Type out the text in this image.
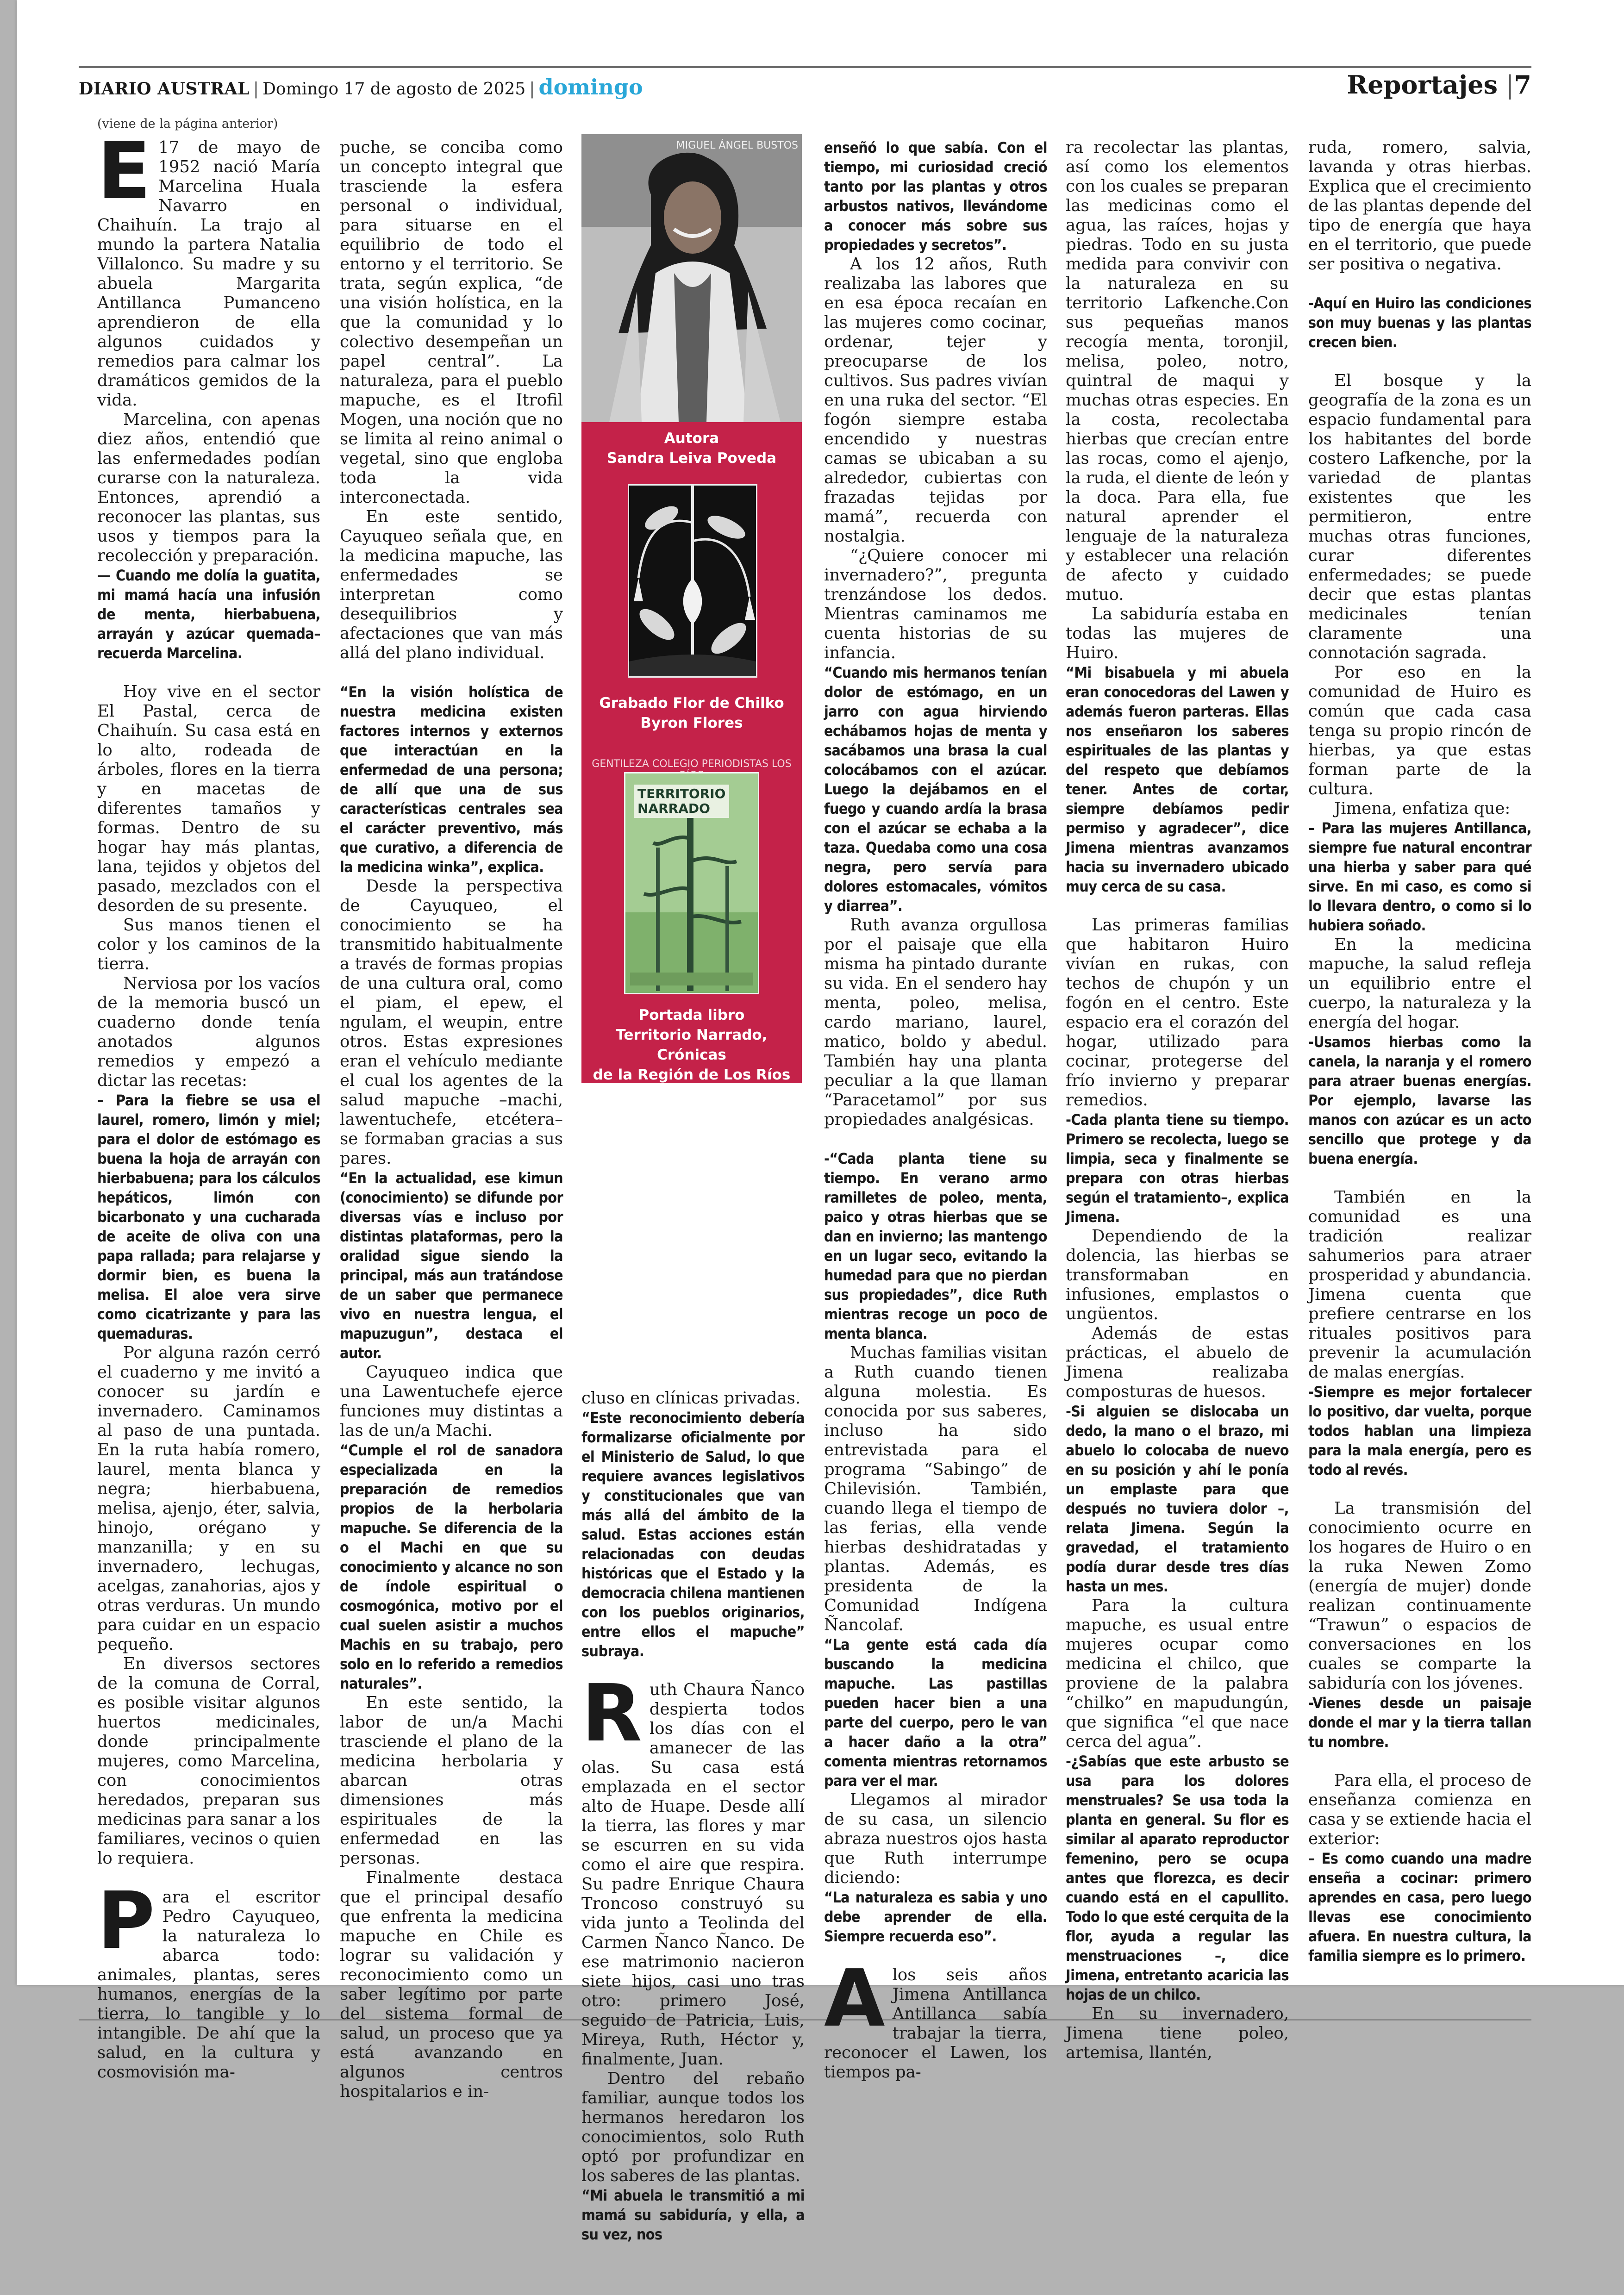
DIARIO AUSTRAL | Domingo 17 de agosto de 2025 | domingo	Reportajes |7
(viene de la página anterior)

E 17 de mayo de 1952 nació María Marcelina Huala Navarro en Chaihuín. La trajo al mundo la partera Natalia Villalonco. Su madre y su abuela Margarita Antillanca Pumanceno aprendieron de ella algunos cuidados y remedios para calmar los dramáticos gemidos de la vida.

Marcelina, con apenas diez años, entendió que las enfermedades podían curarse con la naturaleza. Entonces, aprendió a reconocer las plantas, sus usos y tiempos para la recolección y preparación.

— Cuando me dolía la guatita, mi mamá hacía una infusión de menta, hierbabuena, arrayán y azúcar quemada– recuerda Marcelina.

Hoy vive en el sector El Pastal, cerca de Chaihuín. Su casa está en lo alto, rodeada de árboles, flores en la tierra y en macetas de diferentes tamaños y formas. Dentro de su hogar hay más plantas, lana, tejidos y objetos del pasado, mezclados con el desorden de su presente.

Sus manos tienen el color y los caminos de la tierra.

Nerviosa por los vacíos de la memoria buscó un cuaderno donde tenía anotados algunos remedios y empezó a dictar las recetas:

– Para la fiebre se usa el laurel, romero, limón y miel; para el dolor de estómago es buena la hoja de arrayán con hierbabuena; para los cálculos hepáticos, limón con bicarbonato y una cucharada de aceite de oliva con una papa rallada; para relajarse y dormir bien, es buena la melisa. El aloe vera sirve como cicatrizante y para las quemaduras.

Por alguna razón cerró el cuaderno y me invitó a conocer su jardín e invernadero. Caminamos al paso de una puntada. En la ruta había romero, laurel, menta blanca y negra; hierbabuena, melisa, ajenjo, éter, salvia, hinojo, orégano y manzanilla; y en su invernadero, lechugas, acelgas, zanahorias, ajos y otras verduras. Un mundo para cuidar en un espacio pequeño.

En diversos sectores de la comuna de Corral, es posible visitar algunos huertos medicinales, donde principalmente mujeres, como Marcelina, con conocimientos heredados, preparan sus medicinas para sanar a los familiares, vecinos o quien lo requiera.

Para el escritor Pedro Cayuqueo, la naturaleza lo abarca todo: animales, plantas, seres humanos, energías de la tierra, lo tangible y lo intangible. De ahí que la salud, en la cultura y cosmovisión ma-

puche, se conciba como un concepto integral que trasciende la esfera personal o individual, para situarse en el equilibrio de todo el entorno y el territorio. Se trata, según explica, “de una visión holística, en la que la comunidad y lo colectivo desempeñan un papel central”. La naturaleza, para el pueblo mapuche, es el Itrofil Mogen, una noción que no se limita al reino animal o vegetal, sino que engloba toda la vida interconectada.

En este sentido, Cayuqueo señala que, en la medicina mapuche, las enfermedades se interpretan como desequilibrios y afectaciones que van más allá del plano individual.

“En la visión holística de nuestra medicina existen factores internos y externos que interactúan en la enfermedad de una persona; de allí que una de sus características centrales sea el carácter preventivo, más que curativo, a diferencia de la medicina winka”, explica.

Desde la perspectiva de Cayuqueo, el conocimiento se ha transmitido habitualmente a través de formas propias de una cultura oral, como el piam, el epew, el ngulam, el weupin, entre otros. Estas expresiones eran el vehículo mediante el cual los agentes de la salud mapuche –machi, lawentuchefe, etcétera– se formaban gracias a sus pares.

“En la actualidad, ese kimun (conocimiento) se difunde por diversas vías e incluso por distintas plataformas, pero la oralidad sigue siendo la principal, más aun tratándose de un saber que permanece vivo en nuestra lengua, el mapuzugun”, destaca el autor.

Cayuqueo indica que una Lawentuchefe ejerce funciones muy distintas a las de un/a Machi.

“Cumple el rol de sanadora especializada en la preparación de remedios propios de la herbolaria mapuche. Se diferencia de la o el Machi en que su conocimiento y alcance no son de índole espiritual o cosmogónica, motivo por el cual suelen asistir a muchos Machis en su trabajo, pero solo en lo referido a remedios naturales”.

En este sentido, la labor de un/a Machi trasciende el plano de la medicina herbolaria y abarcan otras dimensiones más espirituales de la enfermedad en las personas.

Finalmente destaca que el principal desafío que enfrenta la medicina mapuche en Chile es lograr su validación y reconocimiento como un saber legítimo por parte del sistema formal de salud, un proceso que ya está avanzando en algunos centros hospitalarios e in-

MIGUEL ÁNGEL BUSTOS
Autora
Sandra Leiva Poveda
Grabado Flor de Chilko
Byron Flores
GENTILEZA COLEGIO PERIODISTAS LOS
TERRITORIO
NARRADO
Portada libro
Territorio Narrado, Crónicas
de la Región de Los Ríos

cluso en clínicas privadas.

“Este reconocimiento debería formalizarse oficialmente por el Ministerio de Salud, lo que requiere avances legislativos y constitucionales que van más allá del ámbito de la salud. Estas acciones están relacionadas con deudas históricas que el Estado y la democracia chilena mantienen con los pueblos originarios, entre ellos el mapuche” subraya.

Ruth Chaura Ñanco despierta todos los días con el amanecer de las olas. Su casa está emplazada en el sector alto de Huape. Desde allí la tierra, las flores y mar se escurren en su vida como el aire que respira. Su padre Enrique Chaura Troncoso construyó su vida junto a Teolinda del Carmen Ñanco Ñanco. De ese matrimonio nacieron siete hijos, casi uno tras otro: primero José, seguido de Patricia, Luis, Mireya, Ruth, Héctor y, finalmente, Juan.

Dentro del rebaño familiar, aunque todos los hermanos heredaron los conocimientos, solo Ruth optó por profundizar en los saberes de las plantas.

“Mi abuela le transmitió a mi mamá su sabiduría, y ella, a su vez, nos

enseñó lo que sabía. Con el tiempo, mi curiosidad creció tanto por las plantas y otros arbustos nativos, llevándome a conocer más sobre sus propiedades y secretos”.

A los 12 años, Ruth realizaba las labores que en esa época recaían en las mujeres como cocinar, ordenar, tejer y preocuparse de los cultivos. Sus padres vivían en una ruka del sector. “El fogón siempre estaba encendido y nuestras camas se ubicaban a su alrededor, cubiertas con frazadas tejidas por mamá”, recuerda con nostalgia.

“¿Quiere conocer mi invernadero?”, pregunta trenzándose los dedos. Mientras caminamos me cuenta historias de su infancia.

“Cuando mis hermanos tenían dolor de estómago, en un jarro con agua hirviendo echábamos hojas de menta y sacábamos una brasa la cual colocábamos con el azúcar. Luego la dejábamos en el fuego y cuando ardía la brasa con el azúcar se echaba a la taza. Quedaba como una cosa negra, pero servía para dolores estomacales, vómitos y diarrea”.

Ruth avanza orgullosa por el paisaje que ella misma ha pintado durante su vida. En el sendero hay menta, poleo, melisa, cardo mariano, laurel, matico, boldo y abedul. También hay una planta peculiar a la que llaman “Paracetamol” por sus propiedades analgésicas.

-“Cada planta tiene su tiempo. En verano armo ramilletes de poleo, menta, paico y otras hierbas que se dan en invierno; las mantengo en un lugar seco, evitando la humedad para que no pierdan sus propiedades”, dice Ruth mientras recoge un poco de menta blanca.

Muchas familias visitan a Ruth cuando tienen alguna molestia. Es conocida por sus saberes, incluso ha sido entrevistada para el programa “Sabingo” de Chilevisión. También, cuando llega el tiempo de las ferias, ella vende hierbas deshidratadas y plantas. Además, es presidenta de la Comunidad Indígena Ñancolaf.

“La gente está cada día buscando la medicina mapuche. Las pastillas pueden hacer bien a una parte del cuerpo, pero le van a hacer daño a la otra” comenta mientras retornamos para ver el mar.

Llegamos al mirador de su casa, un silencio abraza nuestros ojos hasta que Ruth interrumpe diciendo:

“La naturaleza es sabia y uno debe aprender de ella. Siempre recuerda eso”.

Alos seis años Jimena Antillanca Antillanca sabía trabajar la tierra, reconocer el Lawen, los tiempos pa-

ra recolectar las plantas, así como los elementos con los cuales se preparan las medicinas como el agua, las raíces, hojas y piedras. Todo en su justa medida para convivir con la naturaleza en su territorio Lafkenche.Con sus pequeñas manos recogía menta, toronjil, melisa, poleo, notro, quintral de maqui y muchas otras especies. En la costa, recolectaba hierbas que crecían entre las rocas, como el ajenjo, la ruda, el diente de león y la doca. Para ella, fue natural aprender el lenguaje de la naturaleza y establecer una relación de afecto y cuidado mutuo.

La sabiduría estaba en todas las mujeres de Huiro.

“Mi bisabuela y mi abuela eran conocedoras del Lawen y además fueron parteras. Ellas nos enseñaron los saberes espirituales de las plantas y del respeto que debíamos tener. Antes de cortar, siempre debíamos pedir permiso y agradecer”, dice Jimena mientras avanzamos hacia su invernadero ubicado muy cerca de su casa.

Las primeras familias que habitaron Huiro vivían en rukas, con techos de chupón y un fogón en el centro. Este espacio era el corazón del hogar, utilizado para cocinar, protegerse del frío invierno y preparar remedios.

-Cada planta tiene su tiempo. Primero se recolecta, luego se limpia, seca y finalmente se prepara con otras hierbas según el tratamiento–, explica Jimena.

Dependiendo de la dolencia, las hierbas se transformaban en infusiones, emplastos o ungüentos.

Además de estas prácticas, el abuelo de Jimena realizaba composturas de huesos.

-Si alguien se dislocaba un dedo, la mano o el brazo, mi abuelo lo colocaba de nuevo en su posición y ahí le ponía un emplaste para que después no tuviera dolor –, relata Jimena. Según la gravedad, el tratamiento podía durar desde tres días hasta un mes.

Para la cultura mapuche, es usual entre mujeres ocupar como medicina el chilco, que proviene de la palabra “chilko” en mapudungún, que significa “el que nace cerca del agua”.

-¿Sabías que este arbusto se usa para los dolores menstruales? Se usa toda la planta en general. Su flor es similar al aparato reproductor femenino, pero se ocupa antes que florezca, es decir cuando está en el capullito. Todo lo que esté cerquita de la flor, ayuda a regular las menstruaciones –, dice Jimena, entretanto acaricia las hojas de un chilco.

En su invernadero, Jimena tiene poleo, artemisa, llantén,

ruda, romero, salvia, lavanda y otras hierbas. Explica que el crecimiento de las plantas depende del tipo de energía que haya en el territorio, que puede ser positiva o negativa.

-Aquí en Huiro las condiciones son muy buenas y las plantas crecen bien.

El bosque y la geografía de la zona es un espacio fundamental para los habitantes del borde costero Lafkenche, por la variedad de plantas existentes que les permitieron, entre muchas otras funciones, curar diferentes enfermedades; se puede decir que estas plantas medicinales tenían claramente una connotación sagrada.

Por eso en la comunidad de Huiro es común que cada casa tenga su propio rincón de hierbas, ya que estas forman parte de la cultura.

Jimena, enfatiza que:

– Para las mujeres Antillanca, siempre fue natural encontrar una hierba y saber para qué sirve. En mi caso, es como si lo llevara dentro, o como si lo hubiera soñado.

En la medicina mapuche, la salud refleja un equilibrio entre el cuerpo, la naturaleza y la energía del hogar.

-Usamos hierbas como la canela, la naranja y el romero para atraer buenas energías. Por ejemplo, lavarse las manos con azúcar es un acto sencillo que protege y da buena energía.

También en la comunidad es una tradición realizar sahumerios para atraer prosperidad y abundancia. Jimena cuenta que prefiere centrarse en los rituales positivos para prevenir la acumulación de malas energías.

-Siempre es mejor fortalecer lo positivo, dar vuelta, porque todos hablan una limpieza para la mala energía, pero es todo al revés.

La transmisión del conocimiento ocurre en los hogares de Huiro o en la ruka Newen Zomo (energía de mujer) donde realizan continuamente “Trawun” o espacios de conversaciones en los cuales se comparte la sabiduría con los jóvenes.

-Vienes desde un paisaje donde el mar y la tierra tallan tu nombre.

Para ella, el proceso de enseñanza comienza en casa y se extiende hacia el exterior:

– Es como cuando una madre enseña a cocinar: primero aprendes en casa, pero luego llevas ese conocimiento afuera. En nuestra cultura, la familia siempre es lo primero.
